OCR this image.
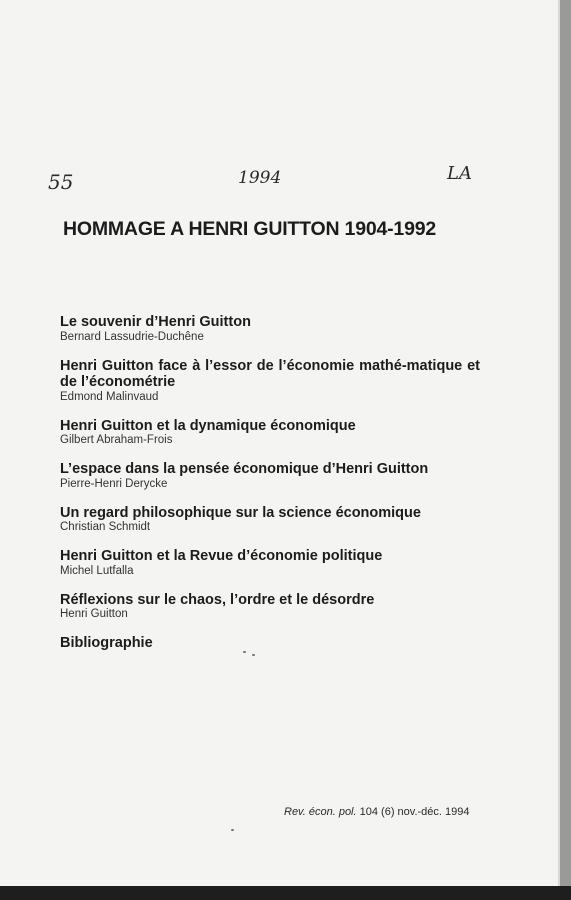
55	1994	LA
HOMMAGE A HENRI GUITTON 1904-1992
Le souvenir d’Henri Guitton
Bernard Lassudrie-Duchêne
Henri Guitton face à l’essor de l’économie mathé-matique et de l’économétrie
Edmond Malinvaud
Henri Guitton et la dynamique économique
Gilbert Abraham-Frois
L’espace dans la pensée économique d’Henri Guitton
Pierre-Henri Derycke
Un regard philosophique sur la science économique
Christian Schmidt
Henri Guitton et la Revue d’économie politique
Michel Lutfalla
Réflexions sur le chaos, l’ordre et le désordre
Henri Guitton
Bibliographie
Rev. écon. pol. 104 (6) nov.-déc. 1994
